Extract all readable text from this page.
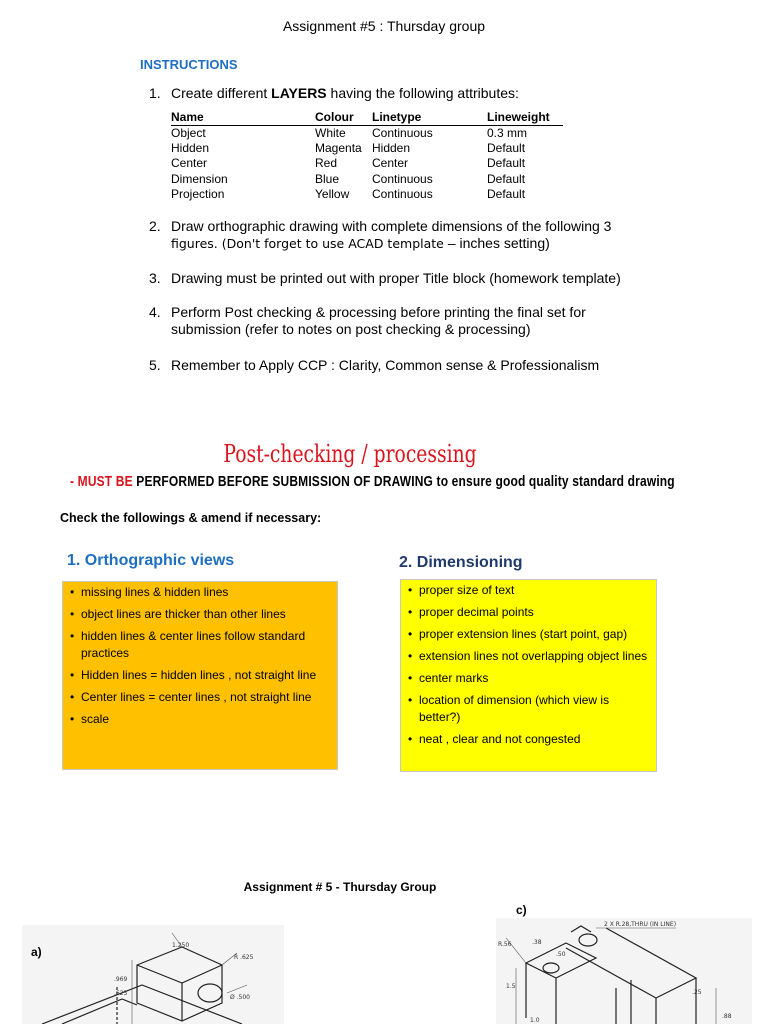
Assignment #5 : Thursday group
INSTRUCTIONS
1. Create different LAYERS having the following attributes:
Name	Colour	Linetype	Lineweight
Object	White	Continuous	0.3 mm
Hidden	Magenta	Hidden	Default
Center	Red	Center	Default
Dimension	Blue	Continuous	Default
Projection	Yellow	Continuous	Default
2. Draw orthographic drawing with complete dimensions of the following 3
figures. (Don't forget to use ACAD template – inches setting)
3. Drawing must be printed out with proper Title block (homework template)
4. Perform Post checking & processing before printing the final set for
submission (refer to notes on post checking & processing)
5. Remember to Apply CCP : Clarity, Common sense & Professionalism
Post-checking / processing
- MUST BE PERFORMED BEFORE SUBMISSION OF DRAWING to ensure good quality standard drawing
Check the followings & amend if necessary:
1. Orthographic views	2. Dimensioning
• missing lines & hidden lines
• object lines are thicker than other lines
• hidden lines & center lines follow standard practices
• Hidden lines = hidden lines , not straight line
• Center lines = center lines , not straight line
• scale
• proper size of text
• proper decimal points
• proper extension lines (start point, gap)
• extension lines not overlapping object lines
• center marks
• location of dimension (which view is better?)
• neat , clear and not congested
Assignment # 5 - Thursday Group
1.250
R .625
.969
.625
Ø .500
R.56	.38
.50
2 X R.28,THRU (IN LINE)
1.5
.25
.88
1.0
a)
c)
